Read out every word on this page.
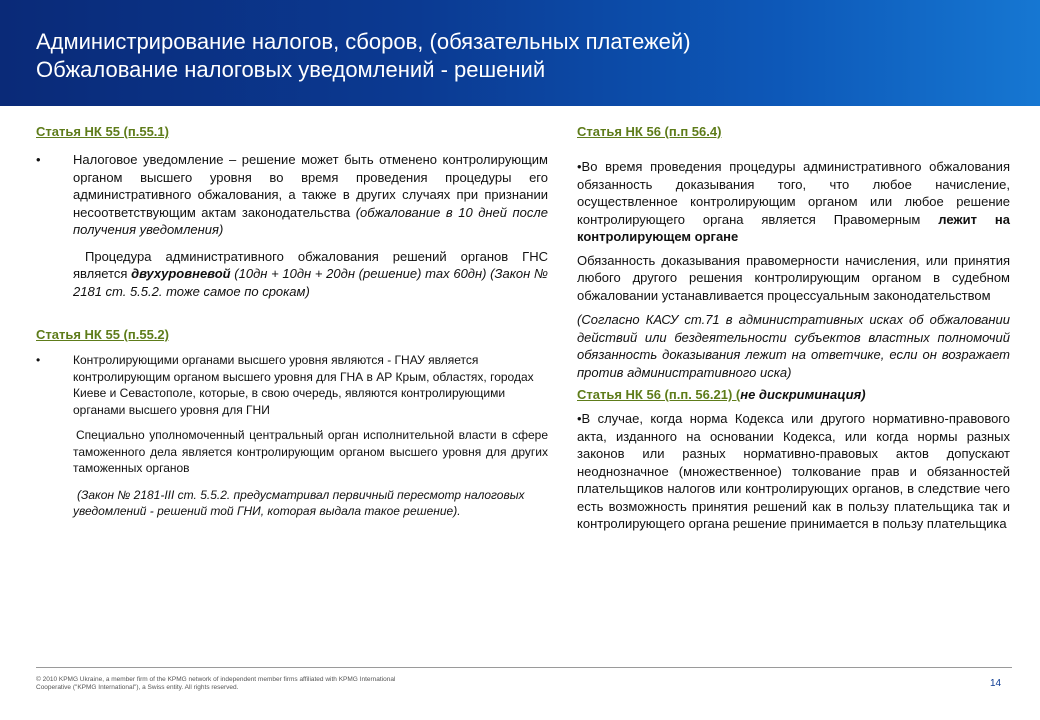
Администрирование налогов, сборов, (обязательных платежей)
Обжалование налоговых уведомлений - решений
Статья НК 55 (п.55.1)
• Налоговое уведомление – решение может быть отменено контролирующим органом высшего уровня во время проведения процедуры его административного обжалования, а также в других случаях при признании несоответствующим актам законодательства (обжалование в 10 дней после получения уведомления)
Процедура административного обжалования решений органов ГНС является двухуровневой (10дн + 10дн + 20дн (решение) max 60дн) (Закон № 2181 ст. 5.5.2. тоже самое по срокам)
Статья НК 55 (п.55.2)
•	Контролирующими органами высшего уровня являются - ГНАУ является контролирующим органом высшего уровня для ГНА в АР Крым, областях, городах Киеве и Севастополе, которые, в свою очередь, являются контролирующими органами высшего уровня для ГНИ
Специально уполномоченный центральный орган исполнительной власти в сфере таможенного дела является контролирующим органом высшего уровня для других таможенных органов
(Закон № 2181-ІІІ ст. 5.5.2. предусматривал первичный пересмотр налоговых уведомлений - решений той ГНИ, которая выдала такое решение).
Статья НК 56 (п.п 56.4)
•Во время проведения процедуры административного обжалования обязанность доказывания того, что любое начисление, осуществленное контролирующим органом или любое решение контролирующего органа является Правомерным лежит на контролирующем органе
Обязанность доказывания правомерности начисления, или принятия любого другого решения контролирующим органом в судебном обжаловании устанавливается процессуальным законодательством
(Согласно КАСУ ст.71 в административных исках об обжаловании действий или бездеятельности субъектов властных полномочий обязанность доказывания лежит на ответчике, если он возражает против административного иска)
Статья НК 56 (п.п. 56.21) (не дискриминация)
•В случае, когда норма Кодекса или другого нормативно-правового акта, изданного на основании Кодекса, или когда нормы разных законов или разных нормативно-правовых актов допускают неоднозначное (множественное) толкование прав и обязанностей плательщиков налогов или контролирующих органов, в следствие чего есть возможность принятия решений как в пользу плательщика так и контролирующего органа решение принимается в пользу плательщика
© 2010 KPMG Ukraine, a member firm of the KPMG network of independent member firms affiliated with KPMG International Cooperative ("KPMG International"), a Swiss entity. All rights reserved.	14
